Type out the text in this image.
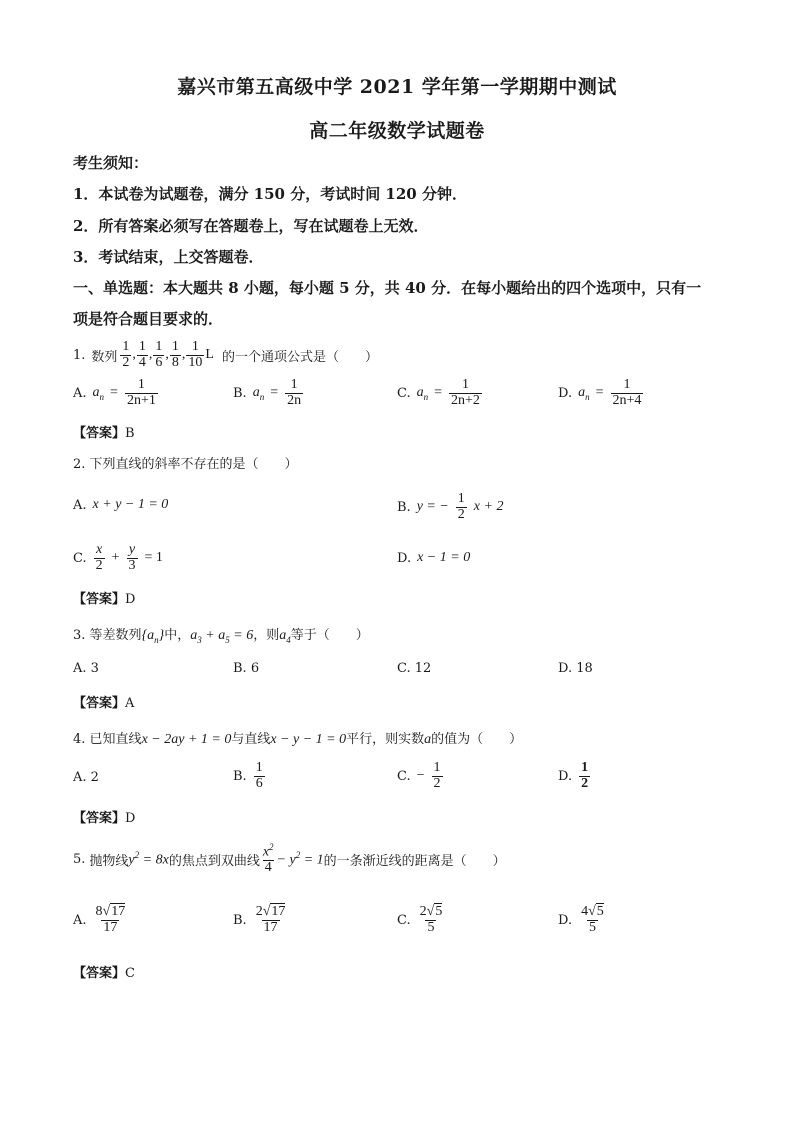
嘉兴市第五高级中学 2021 学年第一学期期中测试
高二年级数学试题卷
考生须知：
1．本试卷为试题卷，满分 150 分，考试时间 120 分钟．
2．所有答案必须写在答题卷上，写在试题卷上无效．
3．考试结束，上交答题卷．
一、单选题：本大题共 8 小题，每小题 5 分，共 40 分．在每小题给出的四个选项中，只有一
项是符合题目要求的．
1. 数列 $\frac{1}{2}$ , $\frac{1}{4}$ , $\frac{1}{6}$ , $\frac{1}{8}$ , $\frac{1}{10}$ L 的一个通项公式是（　　）
A. $a_n = \frac{1}{2n+1}$	B. $a_n = \frac{1}{2n}$	C. $a_n = \frac{1}{2n+2}$	D. $a_n = \frac{1}{2n+4}$
【答案】B
2. 下列直线的斜率不存在的是（　　）
A. x + y − 1 = 0	B. y = − $\frac{1}{2}$ x + 2
C. $\frac{x}{2} + \frac{y}{3} = 1$	D. x − 1 = 0
【答案】D
3. 等差数列$\{a_n\}$中，$a_3 + a_5 = 6$，则$a_4$等于（　　）
A. 3	B. 6	C. 12	D. 18
【答案】A
4. 已知直线x − 2ay + 1 = 0与直线x − y − 1 = 0平行，则实数a的值为（　　）
A. 2	B. $\frac{1}{6}$	C. − $\frac{1}{2}$	D. $\frac{1}{2}$
【答案】D
5. 抛物线 $y^2 = 8x$ 的焦点到双曲线 $\frac{x^2}{4} - y^2 = 1$ 的一条渐近线的距离是（　　）
A. $\frac{8√17}{17}$	B. $\frac{2√17}{17}$	C. $\frac{2√5}{5}$	D. $\frac{4√5}{5}$
【答案】C
